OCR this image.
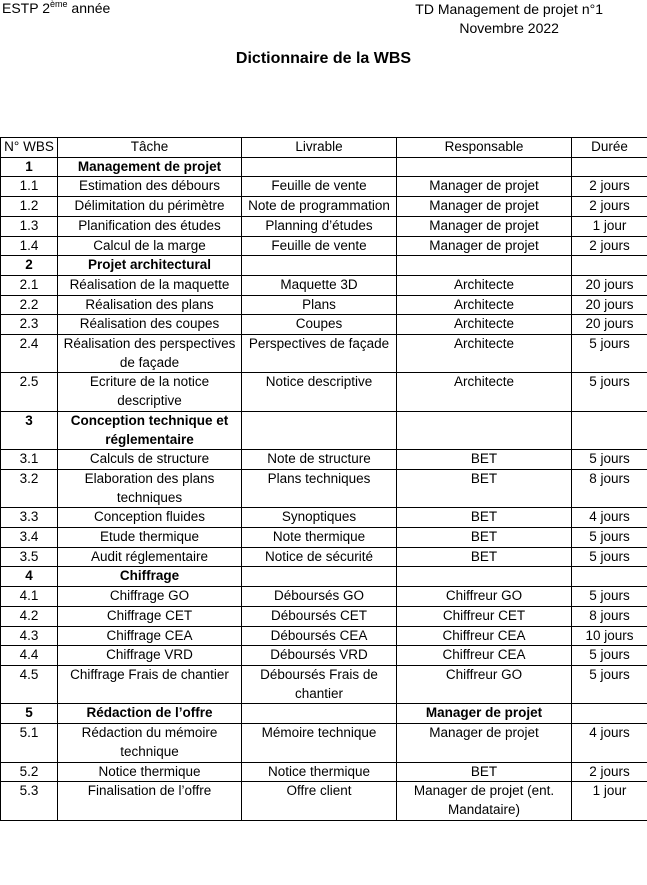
ESTP 2ème année	TD Management de projet n°1
Novembre 2022
Dictionnaire de la WBS
N° WBS	Tâche	Livrable	Responsable	Durée
1	Management de projet			
1.1	Estimation des débours	Feuille de vente	Manager de projet	2 jours
1.2	Délimitation du périmètre	Note de programmation	Manager de projet	2 jours
1.3	Planification des études	Planning d’études	Manager de projet	1 jour
1.4	Calcul de la marge	Feuille de vente	Manager de projet	2 jours
2	Projet architectural			
2.1	Réalisation de la maquette	Maquette 3D	Architecte	20 jours
2.2	Réalisation des plans	Plans	Architecte	20 jours
2.3	Réalisation des coupes	Coupes	Architecte	20 jours
2.4	Réalisation des perspectives de façade	Perspectives de façade	Architecte	5 jours
2.5	Ecriture de la notice descriptive	Notice descriptive	Architecte	5 jours
3	Conception technique et réglementaire			
3.1	Calculs de structure	Note de structure	BET	5 jours
3.2	Elaboration des plans techniques	Plans techniques	BET	8 jours
3.3	Conception fluides	Synoptiques	BET	4 jours
3.4	Etude thermique	Note thermique	BET	5 jours
3.5	Audit réglementaire	Notice de sécurité	BET	5 jours
4	Chiffrage			
4.1	Chiffrage GO	Déboursés GO	Chiffreur GO	5 jours
4.2	Chiffrage CET	Déboursés CET	Chiffreur CET	8 jours
4.3	Chiffrage CEA	Déboursés CEA	Chiffreur CEA	10 jours
4.4	Chiffrage VRD	Déboursés VRD	Chiffreur CEA	5 jours
4.5	Chiffrage Frais de chantier	Déboursés Frais de chantier	Chiffreur GO	5 jours
5	Rédaction de l’offre		Manager de projet	
5.1	Rédaction du mémoire technique	Mémoire technique	Manager de projet	4 jours
5.2	Notice thermique	Notice thermique	BET	2 jours
5.3	Finalisation de l’offre	Offre client	Manager de projet (ent. Mandataire)	1 jour
